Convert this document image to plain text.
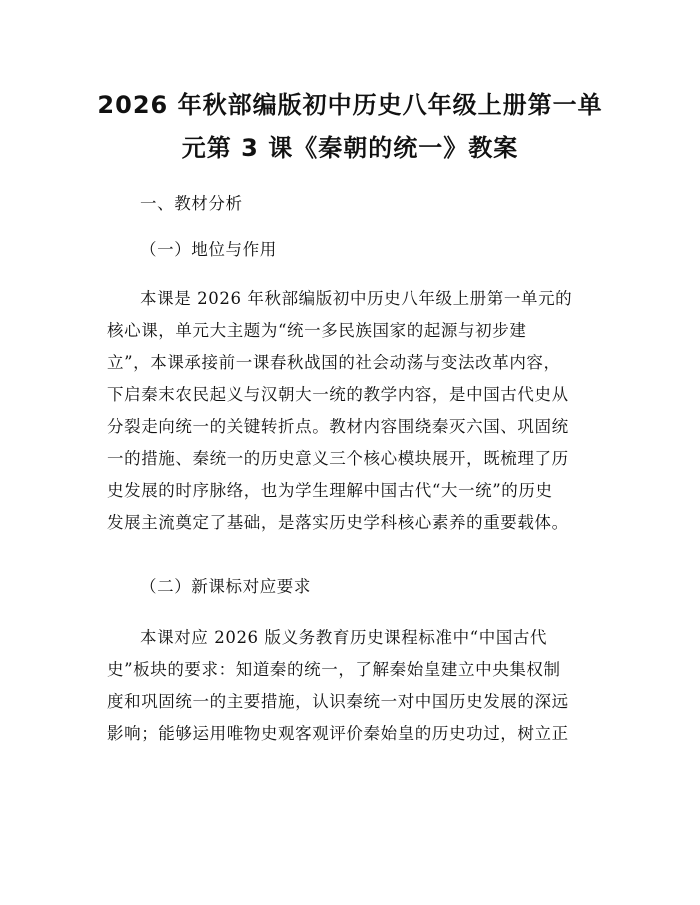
2026 年秋部编版初中历史八年级上册第一单
元第 3 课《秦朝的统一》教案
一、教材分析
（一）地位与作用
本课是 2026 年秋部编版初中历史八年级上册第一单元的
核心课，单元大主题为“统一多民族国家的起源与初步建
立”，本课承接前一课春秋战国的社会动荡与变法改革内容，
下启秦末农民起义与汉朝大一统的教学内容，是中国古代史从
分裂走向统一的关键转折点。教材内容围绕秦灭六国、巩固统
一的措施、秦统一的历史意义三个核心模块展开，既梳理了历
史发展的时序脉络，也为学生理解中国古代“大一统”的历史
发展主流奠定了基础，是落实历史学科核心素养的重要载体。
（二）新课标对应要求
本课对应 2026 版义务教育历史课程标准中“中国古代
史”板块的要求：知道秦的统一，了解秦始皇建立中央集权制
度和巩固统一的主要措施，认识秦统一对中国历史发展的深远
影响；能够运用唯物史观客观评价秦始皇的历史功过，树立正
